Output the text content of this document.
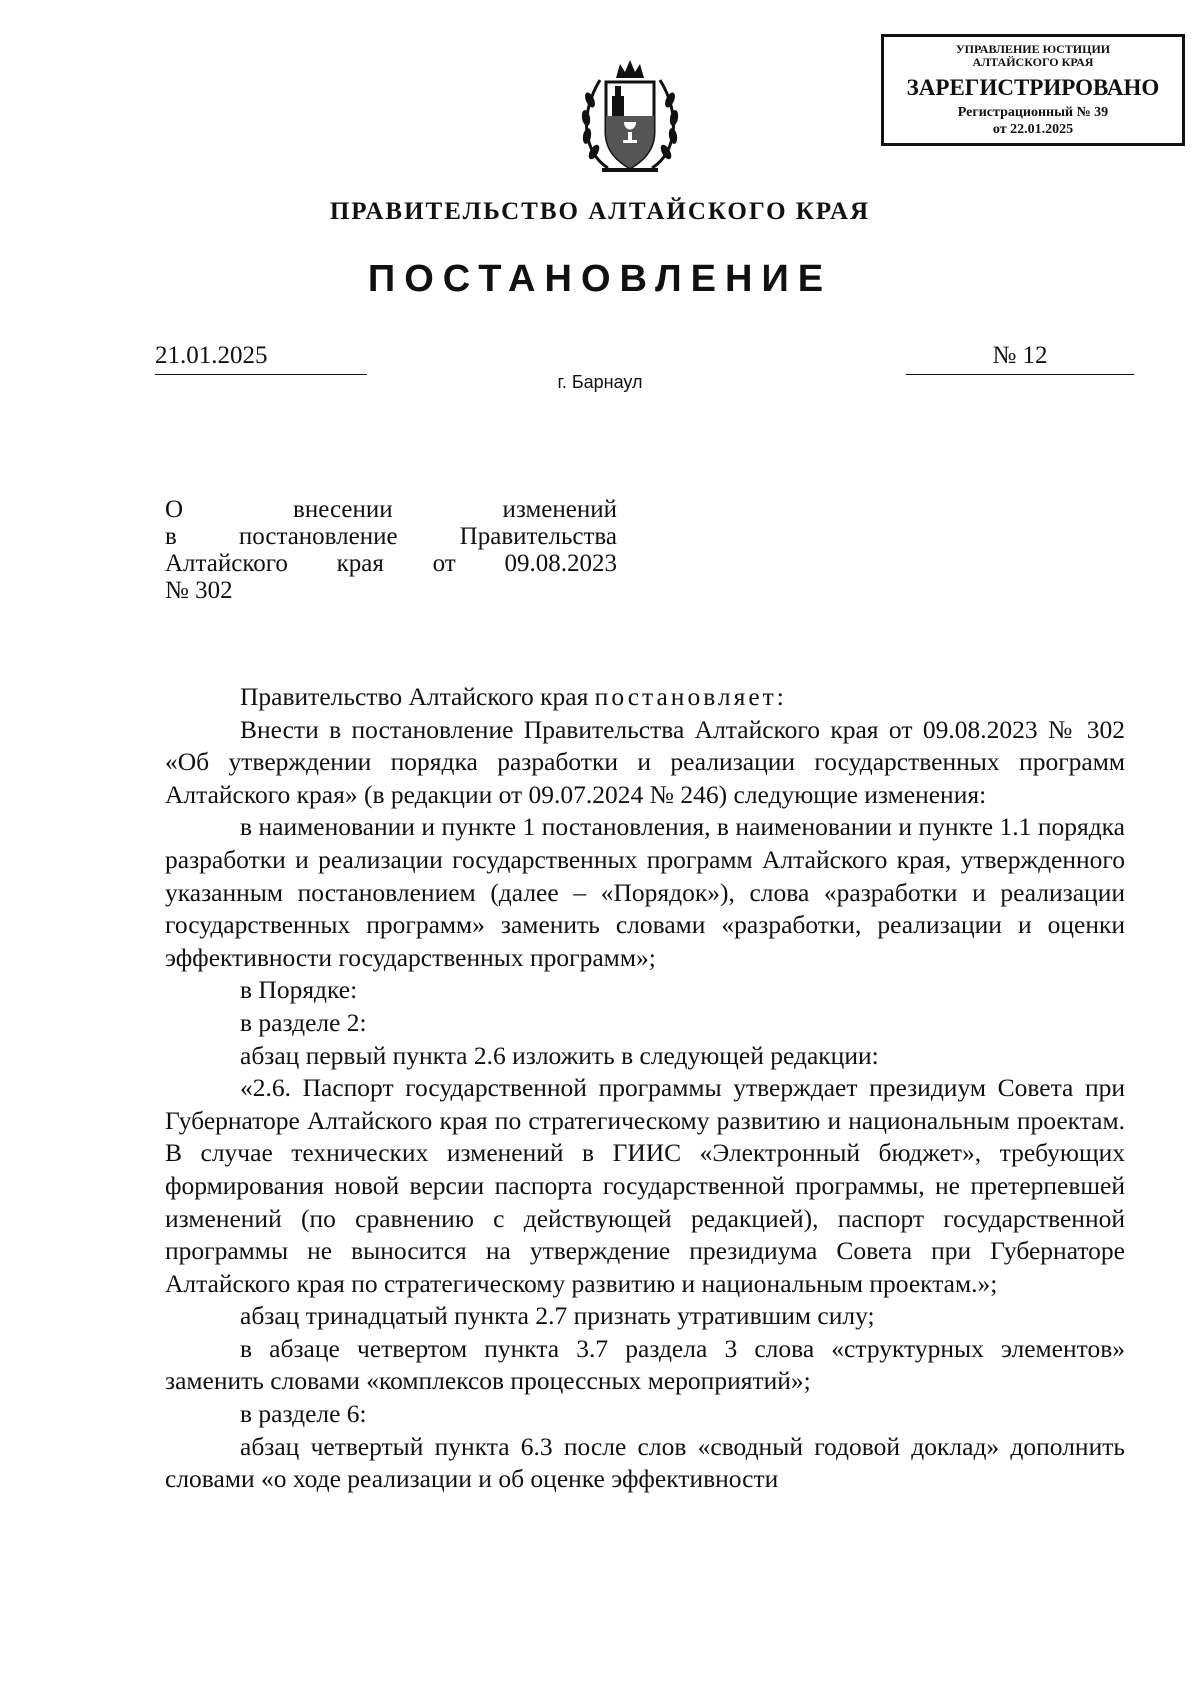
УПРАВЛЕНИЕ ЮСТИЦИИ
АЛТАЙСКОГО КРАЯ
ЗАРЕГИСТРИРОВАНО
Регистрационный № 39
от 22.01.2025
ПРАВИТЕЛЬСТВО АЛТАЙСКОГО КРАЯ
ПОСТАНОВЛЕНИЕ
21.01.2025	№ 12
г. Барнаул
О внесении изменений
в постановление Правительства
Алтайского края от 09.08.2023
№ 302

Правительство Алтайского края постановляет:

Внести в постановление Правительства Алтайского края от 09.08.2023 № 302 «Об утверждении порядка разработки и реализации государственных программ Алтайского края» (в редакции от 09.07.2024 № 246) следующие изменения:

в наименовании и пункте 1 постановления, в наименовании и пункте 1.1 порядка разработки и реализации государственных программ Алтайского края, утвержденного указанным постановлением (далее – «Порядок»), слова «разработки и реализации государственных программ» заменить словами «разработки, реализации и оценки эффективности государственных программ»;

в Порядке:

в разделе 2:

абзац первый пункта 2.6 изложить в следующей редакции:

«2.6. Паспорт государственной программы утверждает президиум Совета при Губернаторе Алтайского края по стратегическому развитию и национальным проектам. В случае технических изменений в ГИИС «Электронный бюджет», требующих формирования новой версии паспорта государственной программы, не претерпевшей изменений (по сравнению с действующей редакцией), паспорт государственной программы не выносится на утверждение президиума Совета при Губернаторе Алтайского края по стратегическому развитию и национальным проектам.»;

абзац тринадцатый пункта 2.7 признать утратившим силу;

в абзаце четвертом пункта 3.7 раздела 3 слова «структурных элементов» заменить словами «комплексов процессных мероприятий»;

в разделе 6:

абзац четвертый пункта 6.3 после слов «сводный годовой доклад» дополнить словами «о ходе реализации и об оценке эффективности
